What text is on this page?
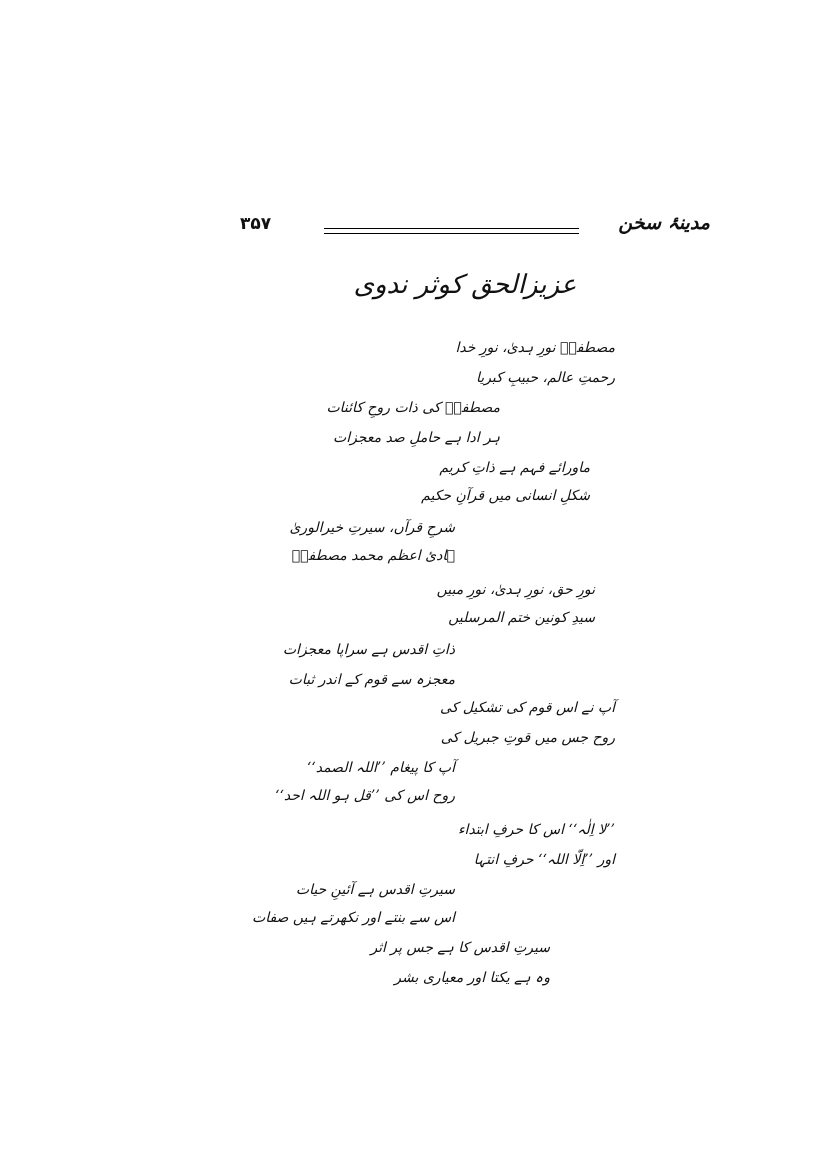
۳۵۷	مدینۂ سخن
عزیزالحق کوثر ندوی
مصطفیؐ نورِ ہدیٰ، نورِ خدا
رحمتِ عالم، حبیبِ کبریا
مصطفیؐ کی ذات روحِ کائنات
ہر ادا ہے حاملِ صد معجزات
ماورائے فہم ہے ذاتِ کریم
شکلِ انسانی میں قرآنِ حکیم
شرحِ قرآں، سیرتِ خیرالوریٰ
ہادیٔ اعظم محمد مصطفیؐ
نورِ حق، نورِ ہدیٰ، نورِ مبیں
سیدِ کونین ختم المرسلیں
ذاتِ اقدس ہے سراپا معجزات
معجزہ سے قوم کے اندر ثبات
آپ نے اس قوم کی تشکیل کی
روح جس میں قوتِ جبریل کی
آپ کا پیغام ’’اللہ الصمد‘‘
روح اس کی ’’قل ہو اللہ احد‘‘
’’لا اِلٰہ‘‘ اس کا حرفِ ابتداء
اور ’’اِلّا اللہ‘‘ حرفِ انتہا
سیرتِ اقدس ہے آئینِ حیات
اس سے بنتے اور نکھرتے ہیں صفات
سیرتِ اقدس کا ہے جس پر اثر
وہ ہے یکتا اور معیاری بشر
